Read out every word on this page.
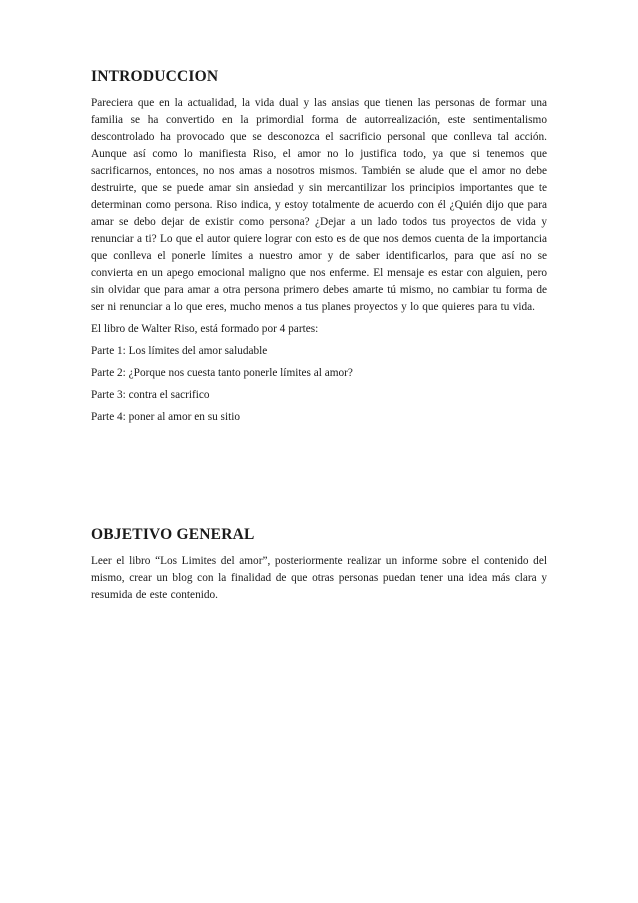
INTRODUCCION

Pareciera que en la actualidad, la vida dual y las ansias que tienen las personas de formar una familia se ha convertido en la primordial forma de autorrealización, este sentimentalismo descontrolado ha provocado que se desconozca el sacrificio personal que conlleva tal acción. Aunque así como lo manifiesta Riso, el amor no lo justifica todo, ya que si tenemos que sacrificarnos, entonces, no nos amas a nosotros mismos. También se alude que el amor no debe destruirte, que se puede amar sin ansiedad y sin mercantilizar los principios importantes que te determinan como persona. Riso indica, y estoy totalmente de acuerdo con él ¿Quién dijo que para amar se debo dejar de existir como persona? ¿Dejar a un lado todos tus proyectos de vida y renunciar a ti? Lo que el autor quiere lograr con esto es de que nos demos cuenta de la importancia que conlleva el ponerle límites a nuestro amor y de saber identificarlos, para que así no se convierta en un apego emocional maligno que nos enferme. El mensaje es estar con alguien, pero sin olvidar que para amar a otra persona primero debes amarte tú mismo, no cambiar tu forma de ser ni renunciar a lo que eres, mucho menos a tus planes proyectos y lo que quieres para tu vida.

El libro de Walter Riso, está formado por 4 partes:

Parte 1: Los límites del amor saludable

Parte 2: ¿Porque nos cuesta tanto ponerle límites al amor?

Parte 3: contra el sacrifico

Parte 4: poner al amor en su sitio

OBJETIVO GENERAL

Leer el libro “Los Limites del amor”, posteriormente realizar un informe sobre el contenido del mismo, crear un blog con la finalidad de que otras personas puedan tener una idea más clara y resumida de este contenido.
